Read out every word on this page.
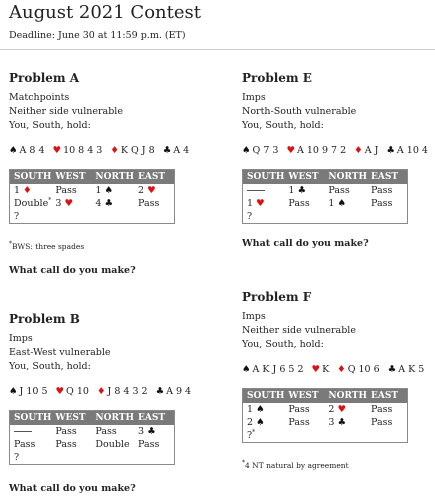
August 2021 Contest
Deadline: June 30 at 11:59 p.m. (ET)
Problem A
Matchpoints
Neither side vulnerable
You, South, hold:
♠ A 8 4 ♥ 10 8 4 3 ♦ K Q J 8 ♣ A 4
SOUTH	WEST	NORTH	EAST
1 ♦	Pass	1 ♠	2 ♥
Double*	3 ♥	4 ♣	Pass
?			
*BWS: three spades
What call do you make?
Problem E
Imps
North-South vulnerable
You, South, hold:
♠ Q 7 3 ♥ A 10 9 7 2 ♦ A J ♣ A 10 4
SOUTH	WEST	NORTH	EAST
	1 ♣	Pass	Pass
1 ♥	Pass	1 ♠	Pass
?			
What call do you make?
Problem B
Imps
East-West vulnerable
You, South, hold:
♠ J 10 5 ♥ Q 10 ♦ J 8 4 3 2 ♣ A 9 4
SOUTH	WEST	NORTH	EAST
	Pass	Pass	3 ♣
Pass	Pass	Double	Pass
?			
What call do you make?
Problem F
Imps
Neither side vulnerable
You, South, hold:
♠ A K J 6 5 2 ♥ K ♦ Q 10 6 ♣ A K 5
SOUTH	WEST	NORTH	EAST
1 ♠	Pass	2 ♥	Pass
2 ♠	Pass	3 ♣	Pass
?*			
*4 NT natural by agreement
